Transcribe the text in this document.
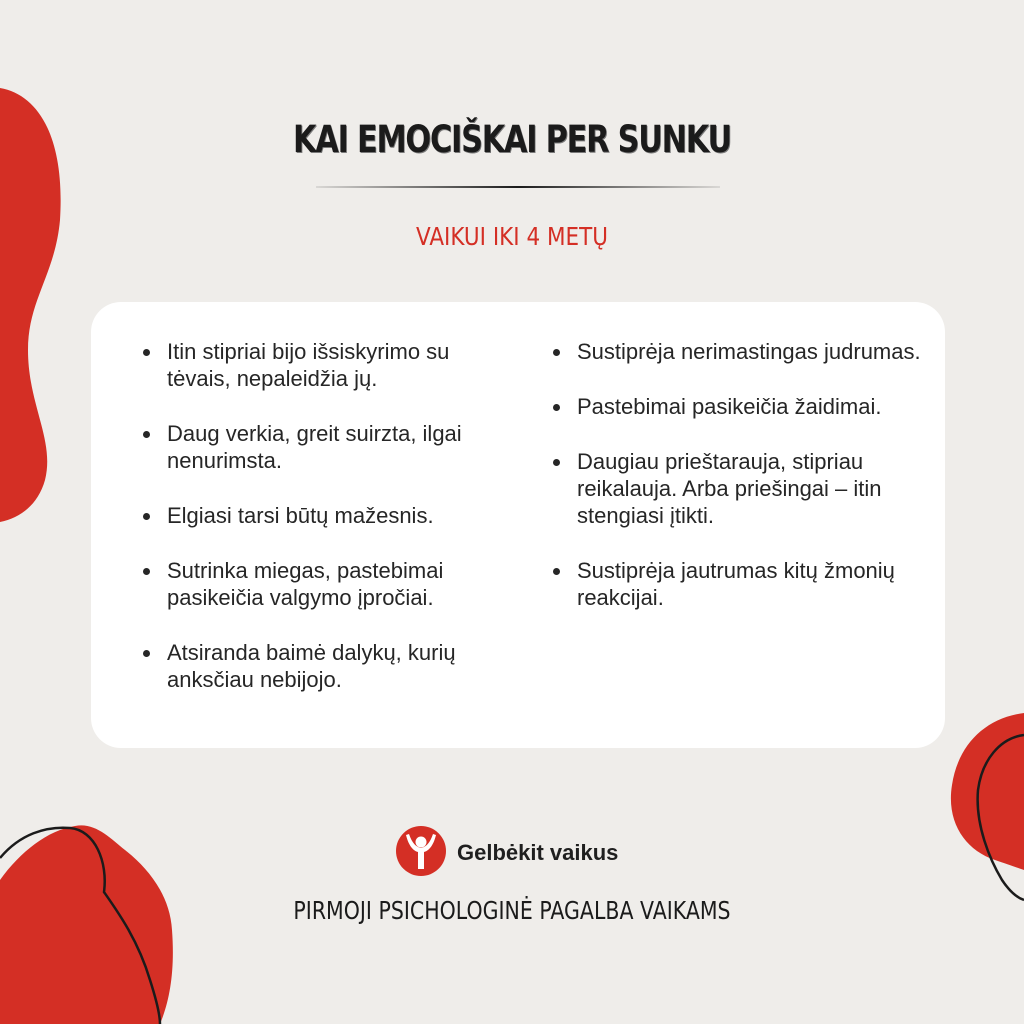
KAI EMOCIŠKAI PER SUNKU
VAIKUI IKI 4 METŲ
Itin stipriai bijo išsiskyrimo su tėvais, nepaleidžia jų.
Daug verkia, greit suirzta, ilgai nenurimsta.
Elgiasi tarsi būtų mažesnis.
Sutrinka miegas, pastebimai pasikeičia valgymo įpročiai.
Atsiranda baimė dalykų, kurių anksčiau nebijojo.
Sustiprėja nerimastingas judrumas.
Pastebimai pasikeičia žaidimai.
Daugiau prieštarauja, stipriau reikalauja. Arba priešingai – itin stengiasi įtikti.
Sustiprėja jautrumas kitų žmonių reakcijai.
Gelbėkit vaikus
PIRMOJI PSICHOLOGINĖ PAGALBA VAIKAMS
